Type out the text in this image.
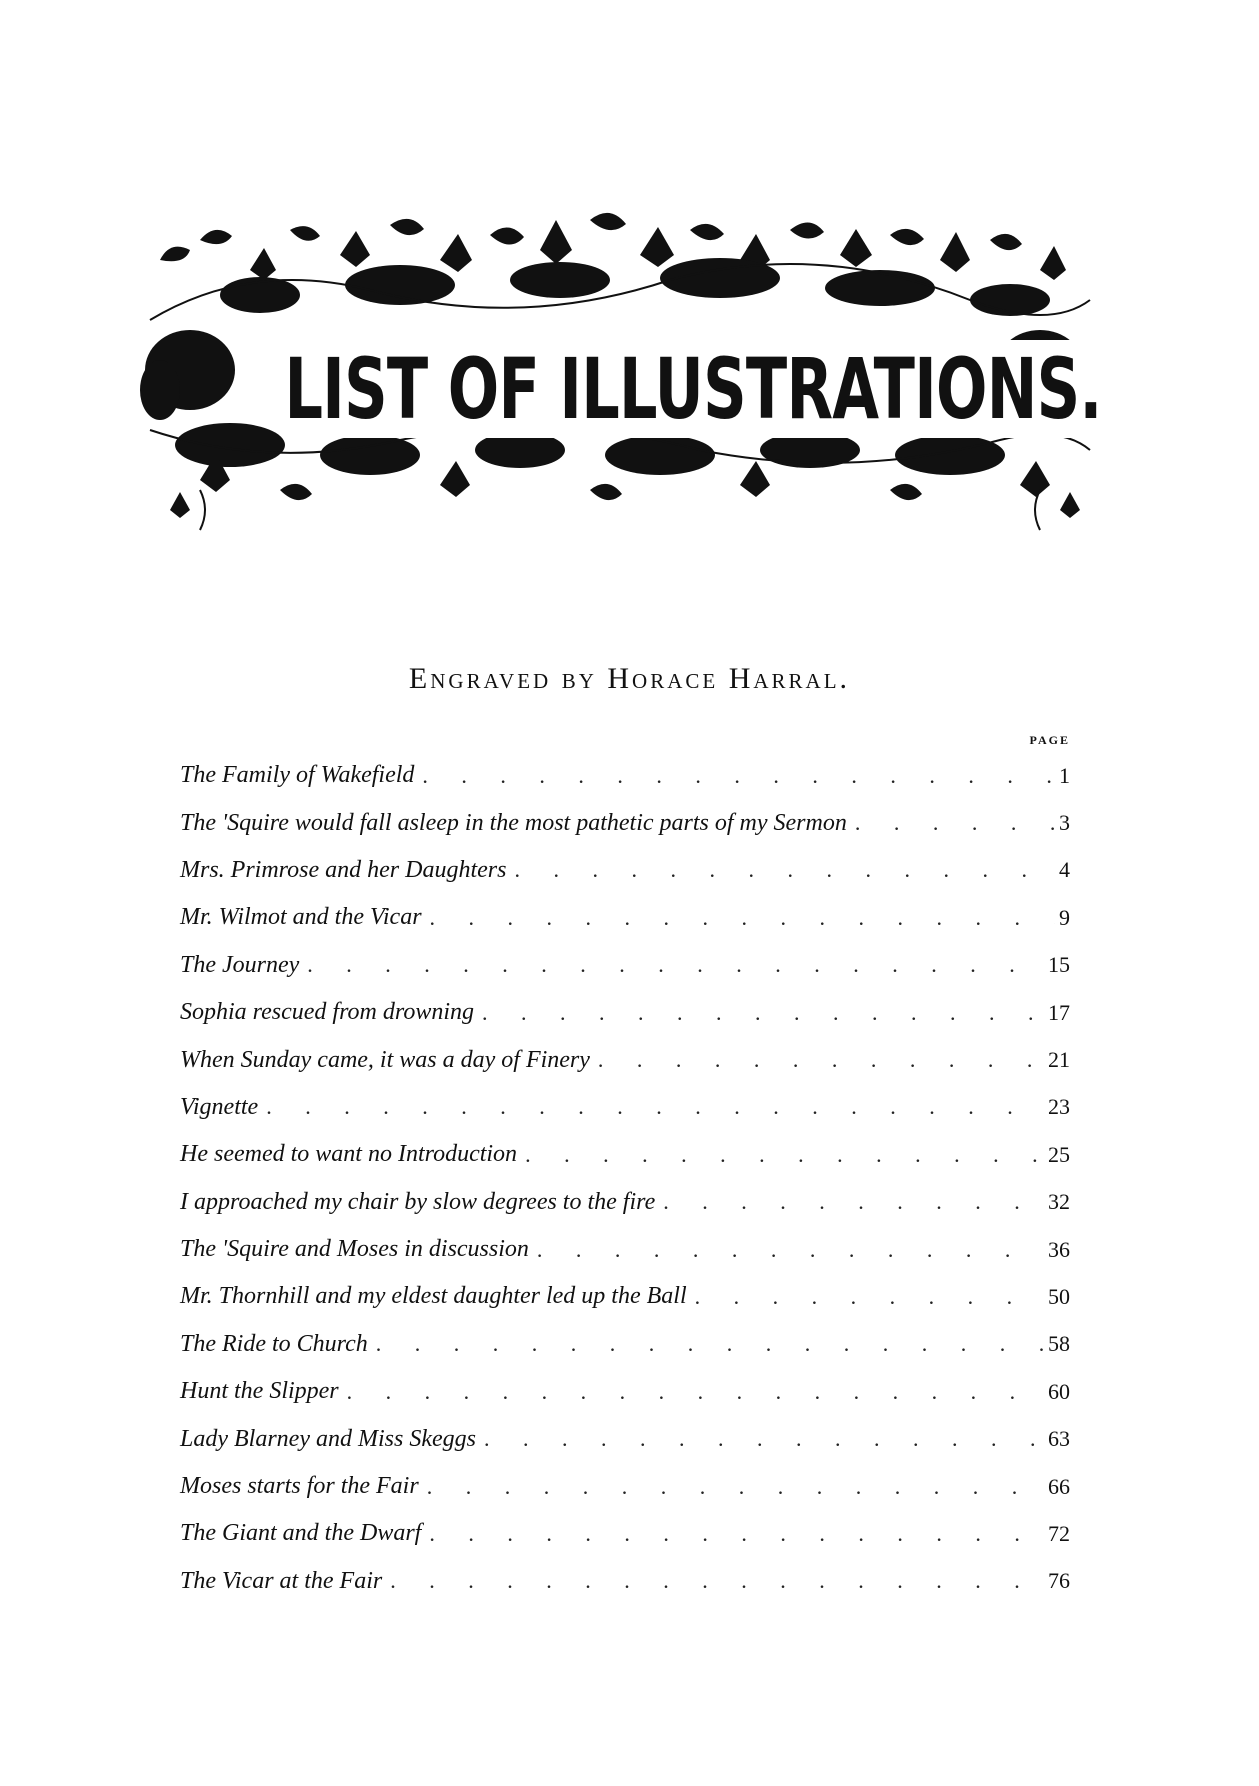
LIST OF ILLUSTRATIONS.
Engraved by Horace Harral.
PAGE
The Family of Wakefield . . .	1
The 'Squire would fall asleep in the most pathetic parts of my Sermon . . .	3
Mrs. Primrose and her Daughters . . .	4
Mr. Wilmot and the Vicar . . .	9
The Journey . . .	15
Sophia rescued from drowning . . .	17
When Sunday came, it was a day of Finery . . .	21
Vignette . . .	23
He seemed to want no Introduction . . .	25
I approached my chair by slow degrees to the fire . . .	32
The 'Squire and Moses in discussion . . .	36
Mr. Thornhill and my eldest daughter led up the Ball . . .	50
The Ride to Church . . .	58
Hunt the Slipper . . .	60
Lady Blarney and Miss Skeggs . . .	63
Moses starts for the Fair . . .	66
The Giant and the Dwarf . . .	72
The Vicar at the Fair . . .	76
